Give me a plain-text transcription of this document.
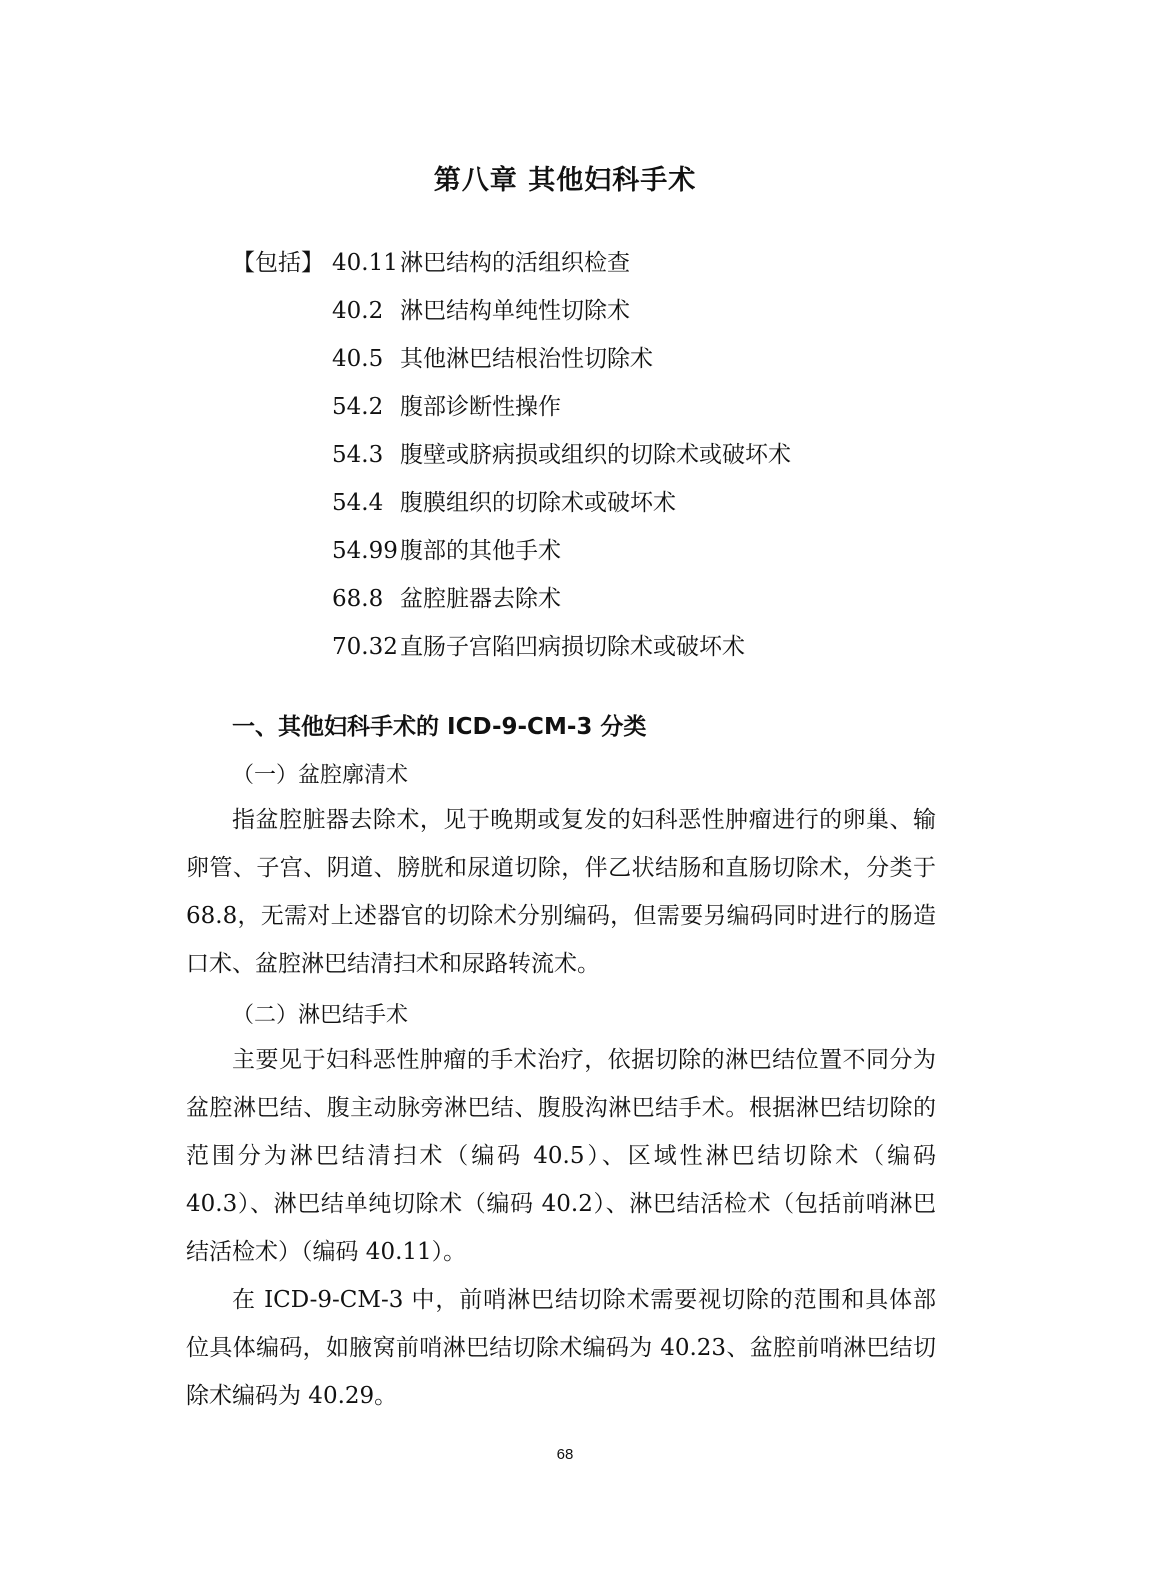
第八章 其他妇科手术
【包括】 40.11淋巴结构的活组织检查
40.2 淋巴结构单纯性切除术
40.5 其他淋巴结根治性切除术
54.2 腹部诊断性操作
54.3 腹壁或脐病损或组织的切除术或破坏术
54.4 腹膜组织的切除术或破坏术
54.99腹部的其他手术
68.8 盆腔脏器去除术
70.32直肠子宫陷凹病损切除术或破坏术
一、其他妇科手术的 ICD-9-CM-3 分类
（一）盆腔廓清术

指盆腔脏器去除术，见于晚期或复发的妇科恶性肿瘤进行的卵巢、输卵管、子宫、阴道、膀胱和尿道切除，伴乙状结肠和直肠切除术，分类于 68.8，无需对上述器官的切除术分别编码，但需要另编码同时进行的肠造口术、盆腔淋巴结清扫术和尿路转流术。

（二）淋巴结手术

主要见于妇科恶性肿瘤的手术治疗，依据切除的淋巴结位置不同分为盆腔淋巴结、腹主动脉旁淋巴结、腹股沟淋巴结手术。根据淋巴结切除的范围分为淋巴结清扫术（编码 40.5）、区域性淋巴结切除术（编码 40.3）、淋巴结单纯切除术（编码 40.2）、淋巴结活检术（包括前哨淋巴结活检术）（编码 40.11）。

在 ICD-9-CM-3 中，前哨淋巴结切除术需要视切除的范围和具体部位具体编码，如腋窝前哨淋巴结切除术编码为 40.23、盆腔前哨淋巴结切除术编码为 40.29。

68
